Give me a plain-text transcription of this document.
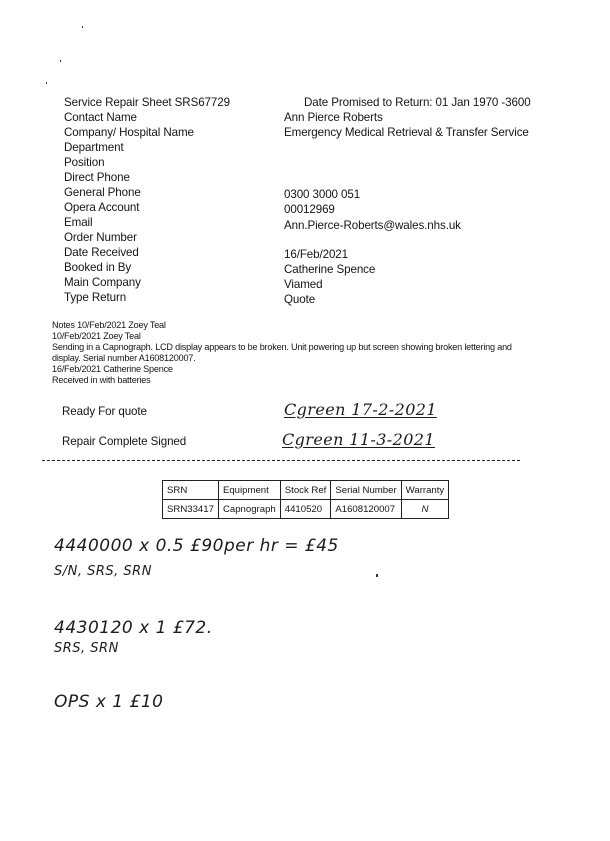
Service Repair Sheet SRS67729	Date Promised to Return: 01 Jan 1970 -3600
Contact Name	Ann Pierce Roberts
Company/ Hospital Name	Emergency Medical Retrieval & Transfer Service
Department
Position
Direct Phone
General Phone	0300 3000 051
Opera Account	00012969
Email	Ann.Pierce-Roberts@wales.nhs.uk
Order Number
Date Received	16/Feb/2021
Booked in By	Catherine Spence
Main Company	Viamed
Type Return	Quote
Notes 10/Feb/2021 Zoey Teal
10/Feb/2021 Zoey Teal
Sending in a Capnograph. LCD display appears to be broken. Unit powering up but screen showing broken lettering and
display. Serial number A1608120007.
16/Feb/2021 Catherine Spence
Received in with batteries
Ready For quote	Cgreen 17-2-2021
Repair Complete Signed	Cgreen 11-3-2021
SRN	Equipment	Stock Ref	Serial Number	Warranty
SRN33417	Capnograph	4410520	A1608120007	N
4440000 x 0.5 £90per hr = £45
S/N, SRS, SRN
4430120 x 1 £72.
SRS, SRN
OPS x 1 £10
